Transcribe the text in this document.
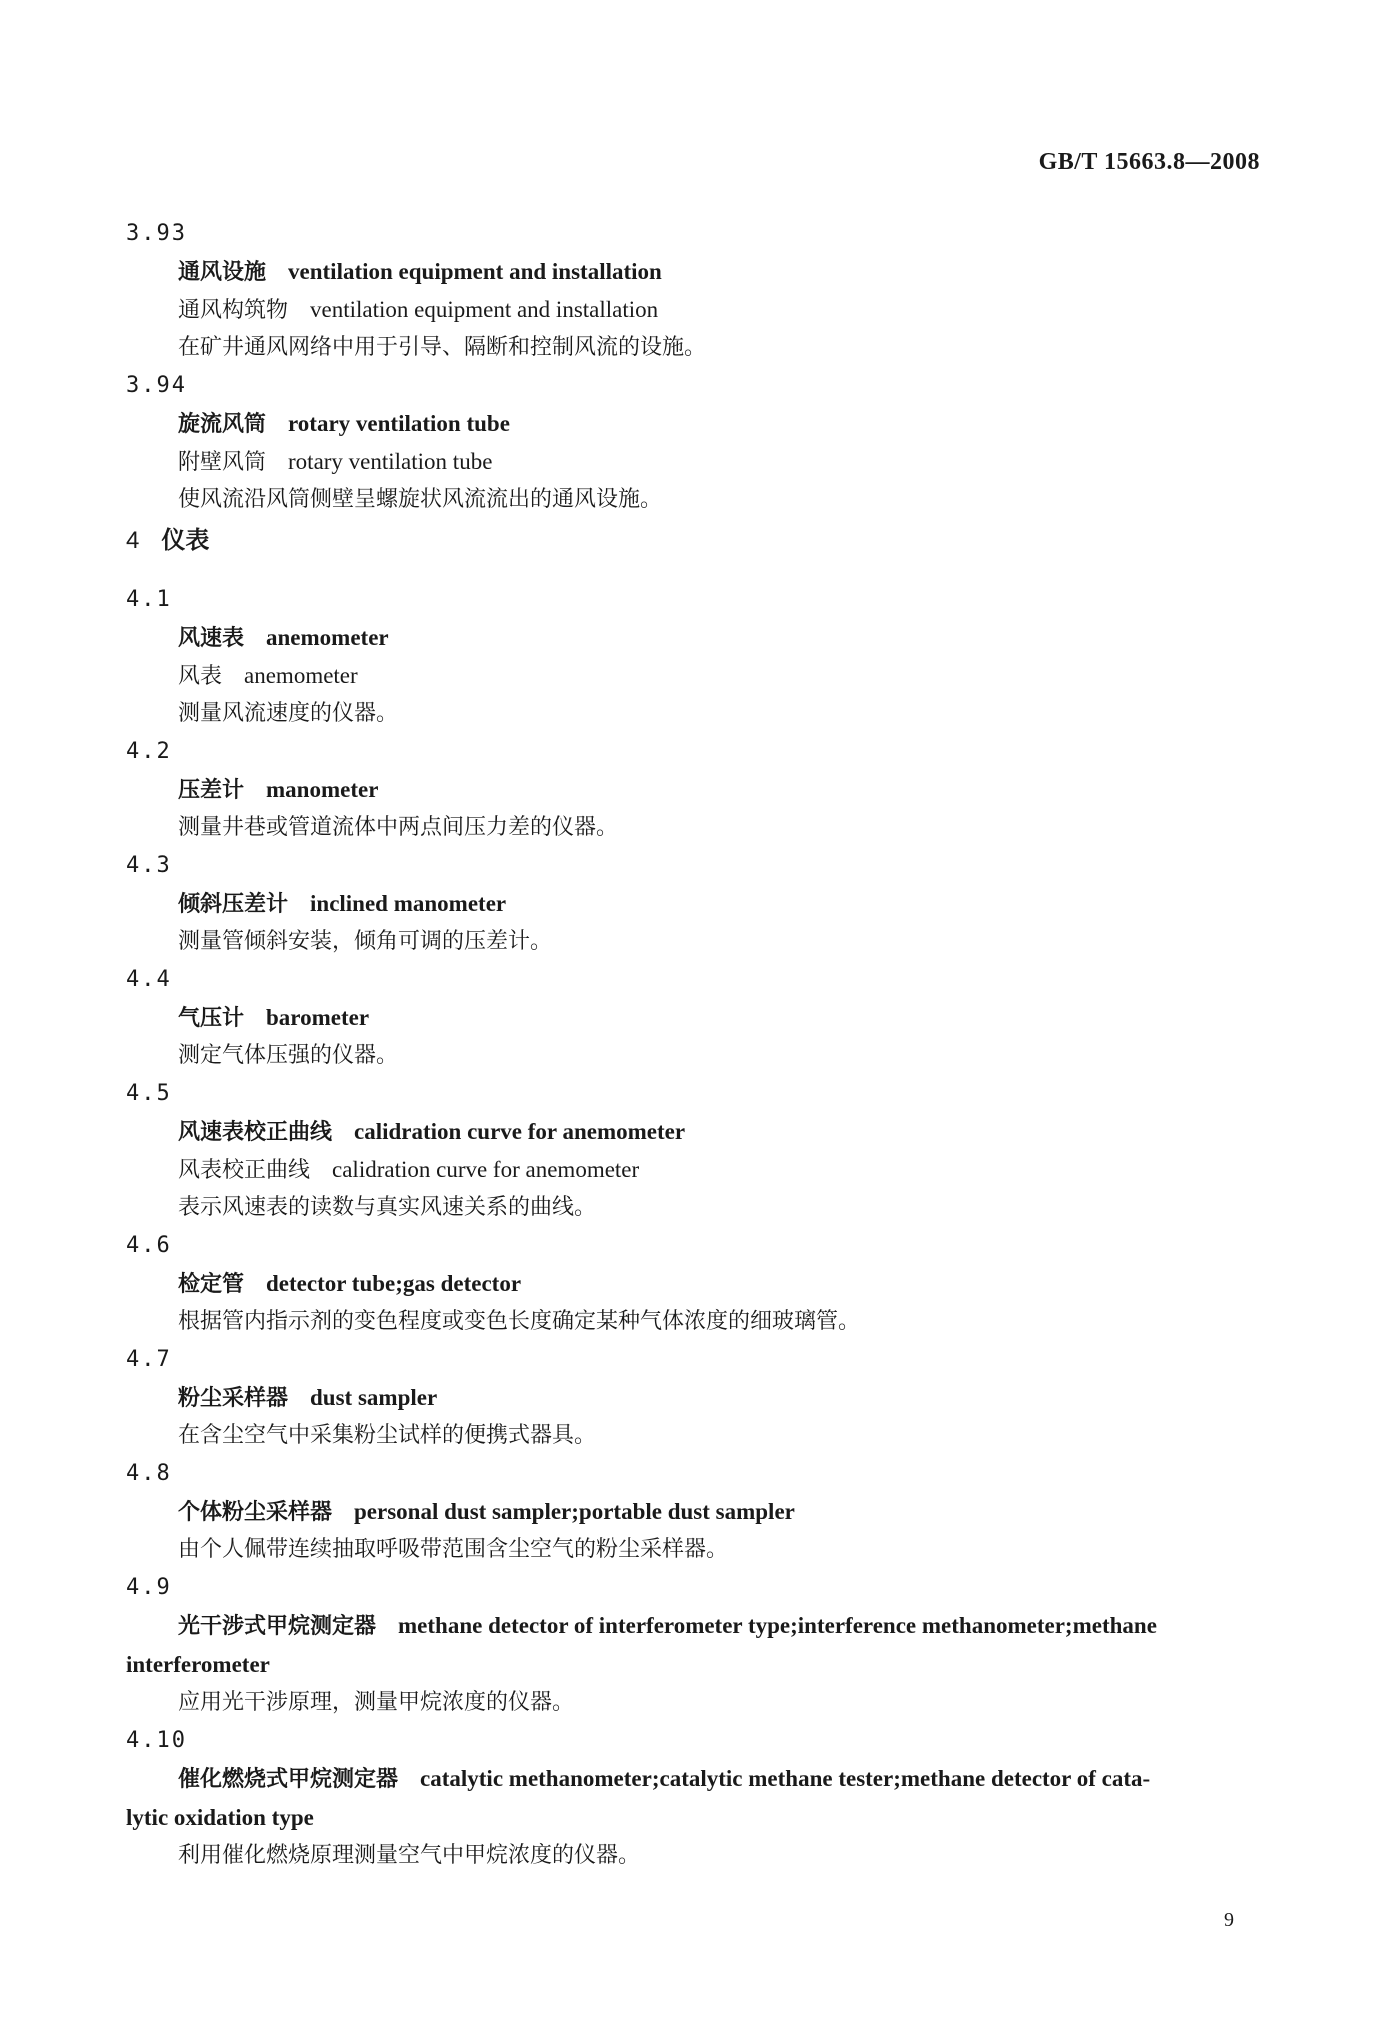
GB/T 15663.8—2008
3.93
通风设施 ventilation equipment and installation
通风构筑物 ventilation equipment and installation
在矿井通风网络中用于引导、隔断和控制风流的设施。
3.94
旋流风筒 rotary ventilation tube
附壁风筒 rotary ventilation tube
使风流沿风筒侧壁呈螺旋状风流流出的通风设施。
4 仪表
4.1
风速表 anemometer
风表 anemometer
测量风流速度的仪器。
4.2
压差计 manometer
测量井巷或管道流体中两点间压力差的仪器。
4.3
倾斜压差计 inclined manometer
测量管倾斜安装，倾角可调的压差计。
4.4
气压计 barometer
测定气体压强的仪器。
4.5
风速表校正曲线 calidration curve for anemometer
风表校正曲线 calidration curve for anemometer
表示风速表的读数与真实风速关系的曲线。
4.6
检定管 detector tube;gas detector
根据管内指示剂的变色程度或变色长度确定某种气体浓度的细玻璃管。
4.7
粉尘采样器 dust sampler
在含尘空气中采集粉尘试样的便携式器具。
4.8
个体粉尘采样器 personal dust sampler;portable dust sampler
由个人佩带连续抽取呼吸带范围含尘空气的粉尘采样器。
4.9
光干涉式甲烷测定器 methane detector of interferometer type;interference methanometer;methane
interferometer
应用光干涉原理，测量甲烷浓度的仪器。
4.10
催化燃烧式甲烷测定器 catalytic methanometer;catalytic methane tester;methane detector of cata-
lytic oxidation type
利用催化燃烧原理测量空气中甲烷浓度的仪器。
9
